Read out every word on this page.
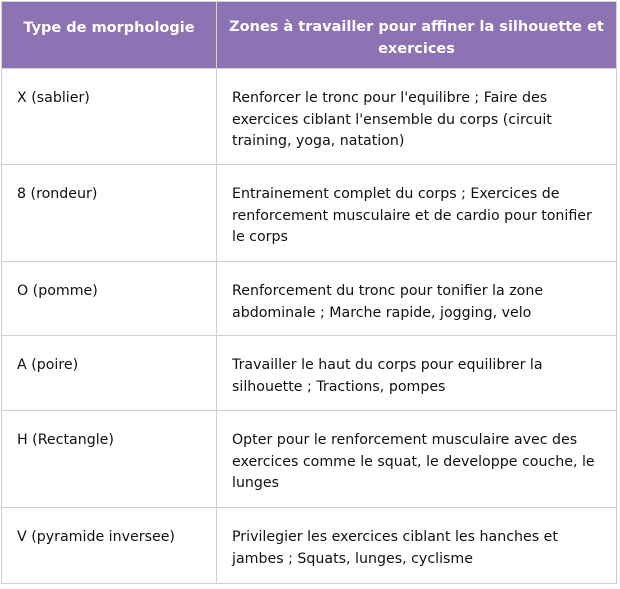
Type de morphologie	Zones à travailler pour affiner la silhouette et exercices
X (sablier)	Renforcer le tronc pour l'equilibre ; Faire des exercices ciblant l'ensemble du corps (circuit training, yoga, natation)
8 (rondeur)	Entrainement complet du corps ; Exercices de renforcement musculaire et de cardio pour tonifier le corps
O (pomme)	Renforcement du tronc pour tonifier la zone abdominale ; Marche rapide, jogging, velo
A (poire)	Travailler le haut du corps pour equilibrer la silhouette ; Tractions, pompes
H (Rectangle)	Opter pour le renforcement musculaire avec des exercices comme le squat, le developpe couche, le lunges
V (pyramide inversee)	Privilegier les exercices ciblant les hanches et jambes ; Squats, lunges, cyclisme
